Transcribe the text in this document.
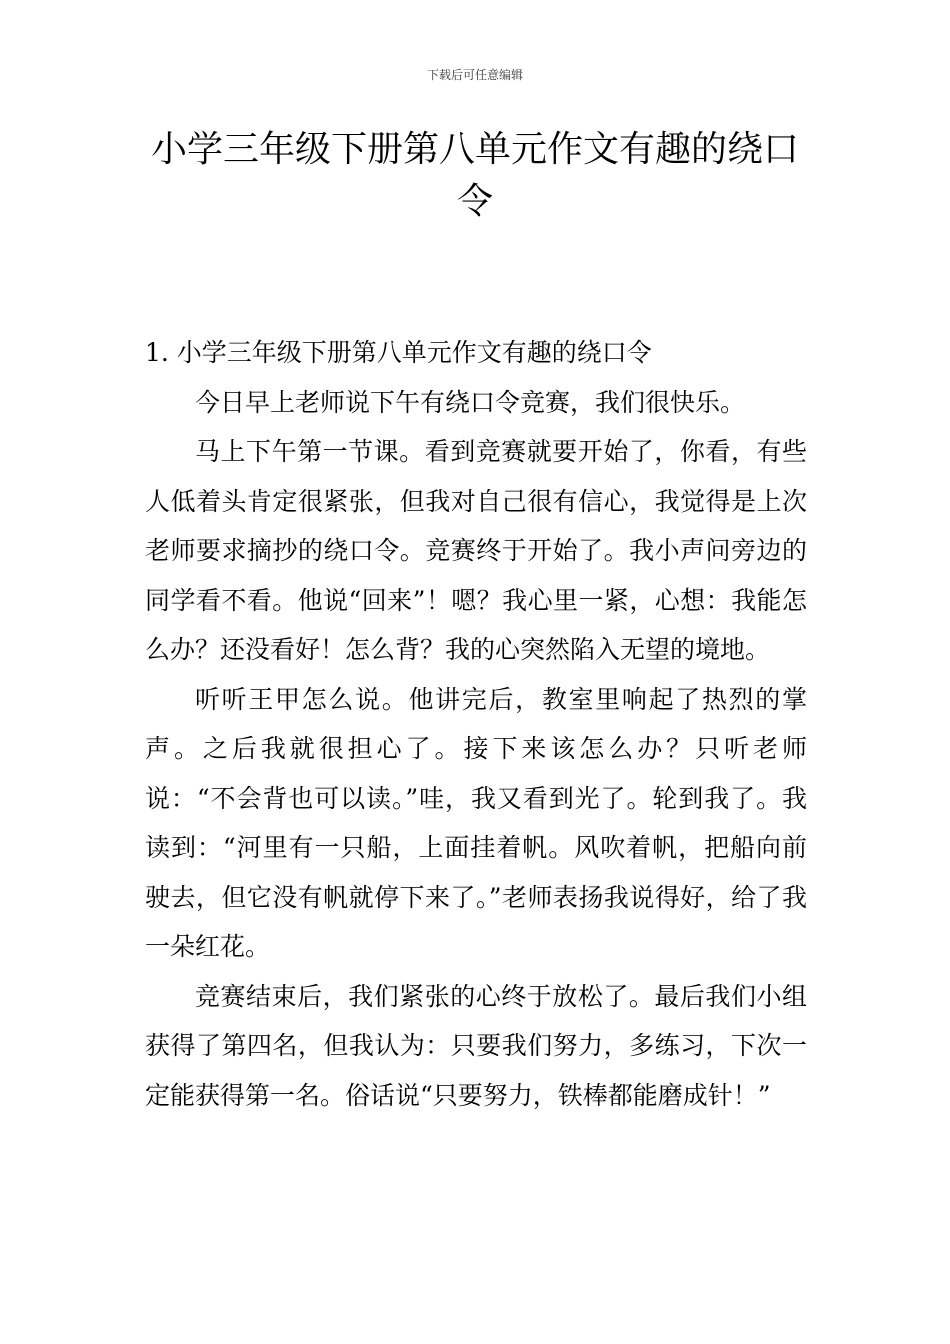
下载后可任意编辑
小学三年级下册第八单元作文有趣的绕口令

1. 小学三年级下册第八单元作文有趣的绕口令

今日早上老师说下午有绕口令竞赛，我们很快乐。

马上下午第一节课。看到竞赛就要开始了，你看，有些人低着头肯定很紧张，但我对自己很有信心，我觉得是上次老师要求摘抄的绕口令。竞赛终于开始了。我小声问旁边的同学看不看。他说“回来”！嗯？我心里一紧，心想：我能怎么办？还没看好！怎么背？我的心突然陷入无望的境地。

听听王甲怎么说。他讲完后，教室里响起了热烈的掌声。之后我就很担心了。接下来该怎么办？只听老师说：“不会背也可以读。”哇，我又看到光了。轮到我了。我读到：“河里有一只船，上面挂着帆。风吹着帆，把船向前驶去，但它没有帆就停下来了。”老师表扬我说得好，给了我一朵红花。

竞赛结束后，我们紧张的心终于放松了。最后我们小组获得了第四名，但我认为：只要我们努力，多练习，下次一定能获得第一名。俗话说“只要努力，铁棒都能磨成针！”
